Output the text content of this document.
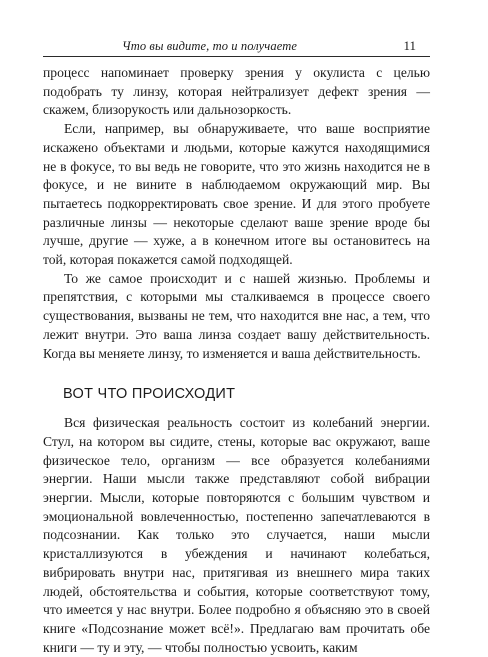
Что вы видите, то и получаете	11

процесс напоминает проверку зрения у окулиста с целью подобрать ту линзу, которая нейтрализует дефект зрения — скажем, близорукость или дальнозоркость.

Если, например, вы обнаруживаете, что ваше восприятие искажено объектами и людьми, которые кажутся находящимися не в фокусе, то вы ведь не говорите, что это жизнь находится не в фокусе, и не вините в наблюдаемом окружающий мир. Вы пытаетесь подкорректировать свое зрение. И для этого пробуете различные линзы — некоторые сделают ваше зрение вроде бы лучше, другие — хуже, а в конечном итоге вы остановитесь на той, которая покажется самой подходящей.

То же самое происходит и с нашей жизнью. Проблемы и препятствия, с которыми мы сталкиваемся в процессе своего существования, вызваны не тем, что находится вне нас, а тем, что лежит внутри. Это ваша линза создает вашу действительность. Когда вы меняете линзу, то изменяется и ваша действительность.

ВОТ ЧТО ПРОИСХОДИТ

Вся физическая реальность состоит из колебаний энергии. Стул, на котором вы сидите, стены, которые вас окружают, ваше физическое тело, организм — все образуется колебаниями энергии. Наши мысли также представляют собой вибрации энергии. Мысли, которые повторяются с большим чувством и эмоциональной вовлеченностью, постепенно запечатлеваются в подсознании. Как только это случается, наши мысли кристаллизуются в убеждения и начинают колебаться, вибрировать внутри нас, притягивая из внешнего мира таких людей, обстоятельства и события, которые соответствуют тому, что имеется у нас внутри. Более подробно я объясняю это в своей книге «Подсознание может всё!». Предлагаю вам прочитать обе книги — ту и эту, — чтобы полностью усвоить, каким
